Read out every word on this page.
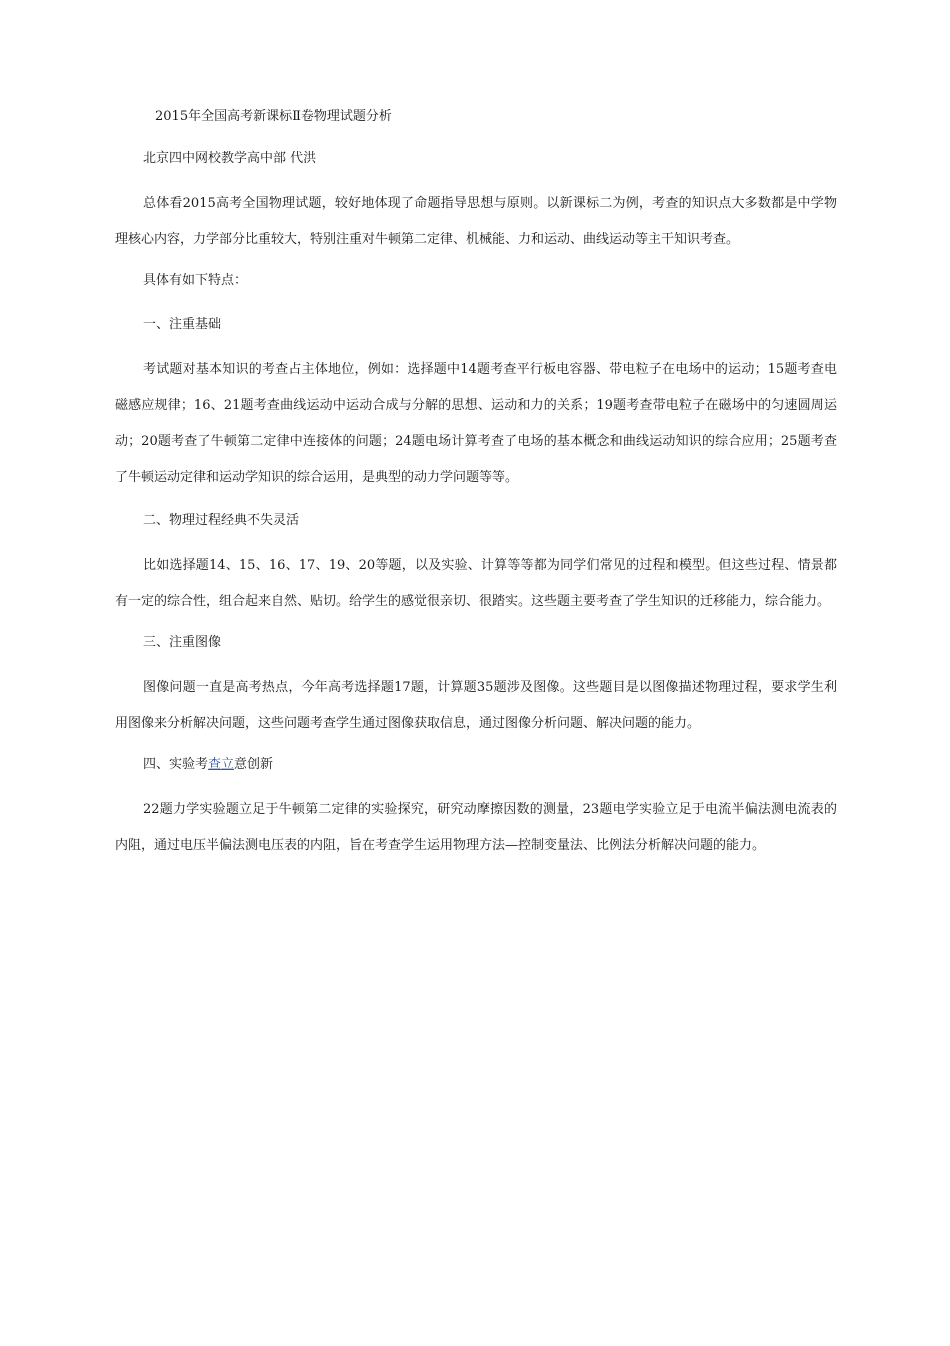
2015年全国高考新课标Ⅱ卷物理试题分析

北京四中网校教学高中部 代洪

总体看2015高考全国物理试题，较好地体现了命题指导思想与原则。以新课标二为例，考查的知识点大多数都是中学物理核心内容，力学部分比重较大，特别注重对牛顿第二定律、机械能、力和运动、曲线运动等主干知识考查。

具体有如下特点：

一、注重基础

考试题对基本知识的考查占主体地位，例如：选择题中14题考查平行板电容器、带电粒子在电场中的运动；15题考查电磁感应规律；16、21题考查曲线运动中运动合成与分解的思想、运动和力的关系；19题考查带电粒子在磁场中的匀速圆周运动；20题考查了牛顿第二定律中连接体的问题；24题电场计算考查了电场的基本概念和曲线运动知识的综合应用；25题考查了牛顿运动定律和运动学知识的综合运用，是典型的动力学问题等等。

二、物理过程经典不失灵活

比如选择题14、15、16、17、19、20等题，以及实验、计算等等都为同学们常见的过程和模型。但这些过程、情景都有一定的综合性，组合起来自然、贴切。给学生的感觉很亲切、很踏实。这些题主要考查了学生知识的迁移能力，综合能力。

三、注重图像

图像问题一直是高考热点，今年高考选择题17题，计算题35题涉及图像。这些题目是以图像描述物理过程，要求学生利用图像来分析解决问题，这些问题考查学生通过图像获取信息，通过图像分析问题、解决问题的能力。

四、实验考查立意创新

22题力学实验题立足于牛顿第二定律的实验探究，研究动摩擦因数的测量，23题电学实验立足于电流半偏法测电流表的内阻，通过电压半偏法测电压表的内阻，旨在考查学生运用物理方法—控制变量法、比例法分析解决问题的能力。
